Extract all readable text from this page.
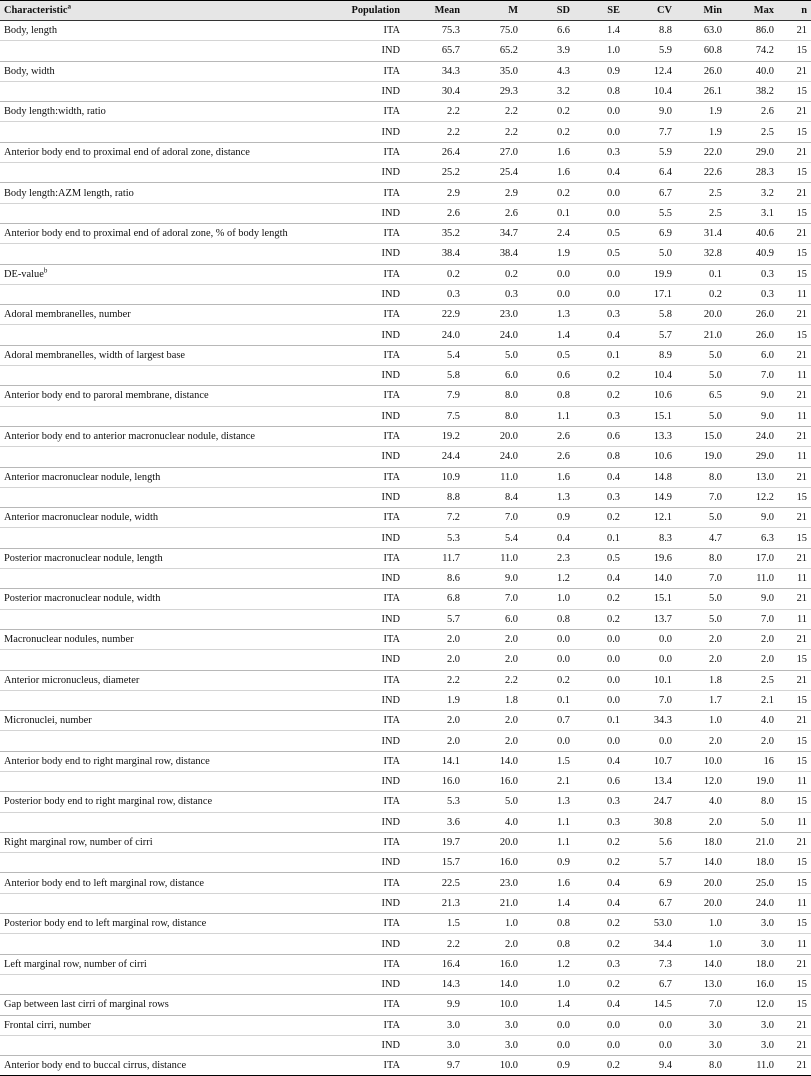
Characteristic$^a$	Population	Mean	M	SD	SE	CV	Min	Max	n
Body, length	ITA	75.3	75.0	6.6	1.4	8.8	63.0	86.0	21
	IND	65.7	65.2	3.9	1.0	5.9	60.8	74.2	15
Body, width	ITA	34.3	35.0	4.3	0.9	12.4	26.0	40.0	21
	IND	30.4	29.3	3.2	0.8	10.4	26.1	38.2	15
Body length:width, ratio	ITA	2.2	2.2	0.2	0.0	9.0	1.9	2.6	21
	IND	2.2	2.2	0.2	0.0	7.7	1.9	2.5	15
Anterior body end to proximal end of adoral zone, distance	ITA	26.4	27.0	1.6	0.3	5.9	22.0	29.0	21
	IND	25.2	25.4	1.6	0.4	6.4	22.6	28.3	15
Body length:AZM length, ratio	ITA	2.9	2.9	0.2	0.0	6.7	2.5	3.2	21
	IND	2.6	2.6	0.1	0.0	5.5	2.5	3.1	15
Anterior body end to proximal end of adoral zone, % of body length	ITA	35.2	34.7	2.4	0.5	6.9	31.4	40.6	21
	IND	38.4	38.4	1.9	0.5	5.0	32.8	40.9	15
DE-value$^b$	ITA	0.2	0.2	0.0	0.0	19.9	0.1	0.3	15
	IND	0.3	0.3	0.0	0.0	17.1	0.2	0.3	11
Adoral membranelles, number	ITA	22.9	23.0	1.3	0.3	5.8	20.0	26.0	21
	IND	24.0	24.0	1.4	0.4	5.7	21.0	26.0	15
Adoral membranelles, width of largest base	ITA	5.4	5.0	0.5	0.1	8.9	5.0	6.0	21
	IND	5.8	6.0	0.6	0.2	10.4	5.0	7.0	11
Anterior body end to paroral membrane, distance	ITA	7.9	8.0	0.8	0.2	10.6	6.5	9.0	21
	IND	7.5	8.0	1.1	0.3	15.1	5.0	9.0	11
Anterior body end to anterior macronuclear nodule, distance	ITA	19.2	20.0	2.6	0.6	13.3	15.0	24.0	21
	IND	24.4	24.0	2.6	0.8	10.6	19.0	29.0	11
Anterior macronuclear nodule, length	ITA	10.9	11.0	1.6	0.4	14.8	8.0	13.0	21
	IND	8.8	8.4	1.3	0.3	14.9	7.0	12.2	15
Anterior macronuclear nodule, width	ITA	7.2	7.0	0.9	0.2	12.1	5.0	9.0	21
	IND	5.3	5.4	0.4	0.1	8.3	4.7	6.3	15
Posterior macronuclear nodule, length	ITA	11.7	11.0	2.3	0.5	19.6	8.0	17.0	21
	IND	8.6	9.0	1.2	0.4	14.0	7.0	11.0	11
Posterior macronuclear nodule, width	ITA	6.8	7.0	1.0	0.2	15.1	5.0	9.0	21
	IND	5.7	6.0	0.8	0.2	13.7	5.0	7.0	11
Macronuclear nodules, number	ITA	2.0	2.0	0.0	0.0	0.0	2.0	2.0	21
	IND	2.0	2.0	0.0	0.0	0.0	2.0	2.0	15
Anterior micronucleus, diameter	ITA	2.2	2.2	0.2	0.0	10.1	1.8	2.5	21
	IND	1.9	1.8	0.1	0.0	7.0	1.7	2.1	15
Micronuclei, number	ITA	2.0	2.0	0.7	0.1	34.3	1.0	4.0	21
	IND	2.0	2.0	0.0	0.0	0.0	2.0	2.0	15
Anterior body end to right marginal row, distance	ITA	14.1	14.0	1.5	0.4	10.7	10.0	16	15
	IND	16.0	16.0	2.1	0.6	13.4	12.0	19.0	11
Posterior body end to right marginal row, distance	ITA	5.3	5.0	1.3	0.3	24.7	4.0	8.0	15
	IND	3.6	4.0	1.1	0.3	30.8	2.0	5.0	11
Right marginal row, number of cirri	ITA	19.7	20.0	1.1	0.2	5.6	18.0	21.0	21
	IND	15.7	16.0	0.9	0.2	5.7	14.0	18.0	15
Anterior body end to left marginal row, distance	ITA	22.5	23.0	1.6	0.4	6.9	20.0	25.0	15
	IND	21.3	21.0	1.4	0.4	6.7	20.0	24.0	11
Posterior body end to left marginal row, distance	ITA	1.5	1.0	0.8	0.2	53.0	1.0	3.0	15
	IND	2.2	2.0	0.8	0.2	34.4	1.0	3.0	11
Left marginal row, number of cirri	ITA	16.4	16.0	1.2	0.3	7.3	14.0	18.0	21
	IND	14.3	14.0	1.0	0.2	6.7	13.0	16.0	15
Gap between last cirri of marginal rows	ITA	9.9	10.0	1.4	0.4	14.5	7.0	12.0	15
Frontal cirri, number	ITA	3.0	3.0	0.0	0.0	0.0	3.0	3.0	21
	IND	3.0	3.0	0.0	0.0	0.0	3.0	3.0	21
Anterior body end to buccal cirrus, distance	ITA	9.7	10.0	0.9	0.2	9.4	8.0	11.0	21
